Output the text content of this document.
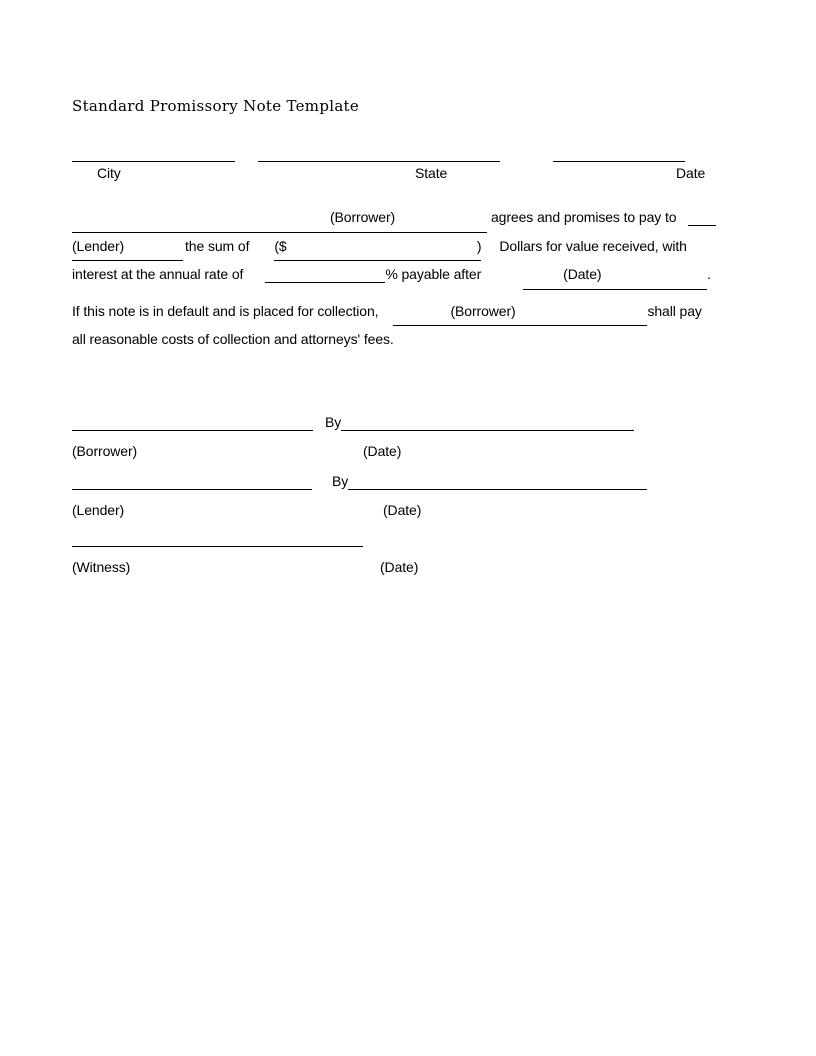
Standard Promissory Note Template
City	State	Date
(Borrower)	agrees and promises to pay to
(Lender)	the sum of ($	) Dollars for value received, with
interest at the annual rate of	% payable after	(Date)	.
If this note is in default and is placed for collection,	(Borrower)	shall pay
all reasonable costs of collection and attorneys' fees.
By
(Borrower)	(Date)
By
(Lender)	(Date)
(Witness)	(Date)
